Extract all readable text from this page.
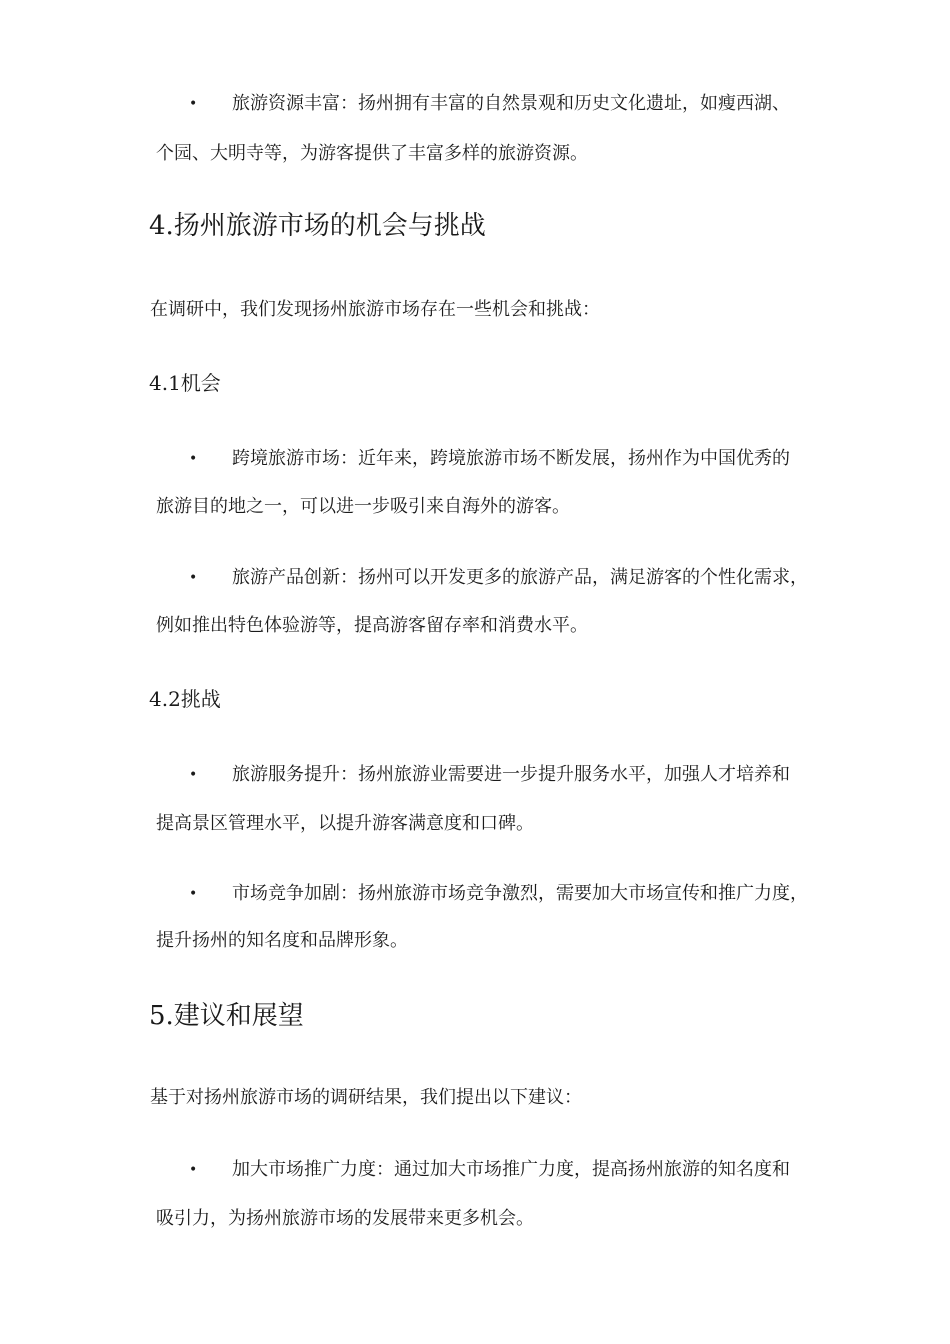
• 旅游资源丰富：扬州拥有丰富的自然景观和历史文化遗址，如瘦西湖、
个园、大明寺等，为游客提供了丰富多样的旅游资源。
4.扬州旅游市场的机会与挑战
在调研中，我们发现扬州旅游市场存在一些机会和挑战：
4.1机会
• 跨境旅游市场：近年来，跨境旅游市场不断发展，扬州作为中国优秀的
旅游目的地之一，可以进一步吸引来自海外的游客。
• 旅游产品创新：扬州可以开发更多的旅游产品，满足游客的个性化需求，
例如推出特色体验游等，提高游客留存率和消费水平。
4.2挑战
• 旅游服务提升：扬州旅游业需要进一步提升服务水平，加强人才培养和
提高景区管理水平，以提升游客满意度和口碑。
• 市场竞争加剧：扬州旅游市场竞争激烈，需要加大市场宣传和推广力度，
提升扬州的知名度和品牌形象。
5.建议和展望
基于对扬州旅游市场的调研结果，我们提出以下建议：
• 加大市场推广力度：通过加大市场推广力度，提高扬州旅游的知名度和
吸引力，为扬州旅游市场的发展带来更多机会。
